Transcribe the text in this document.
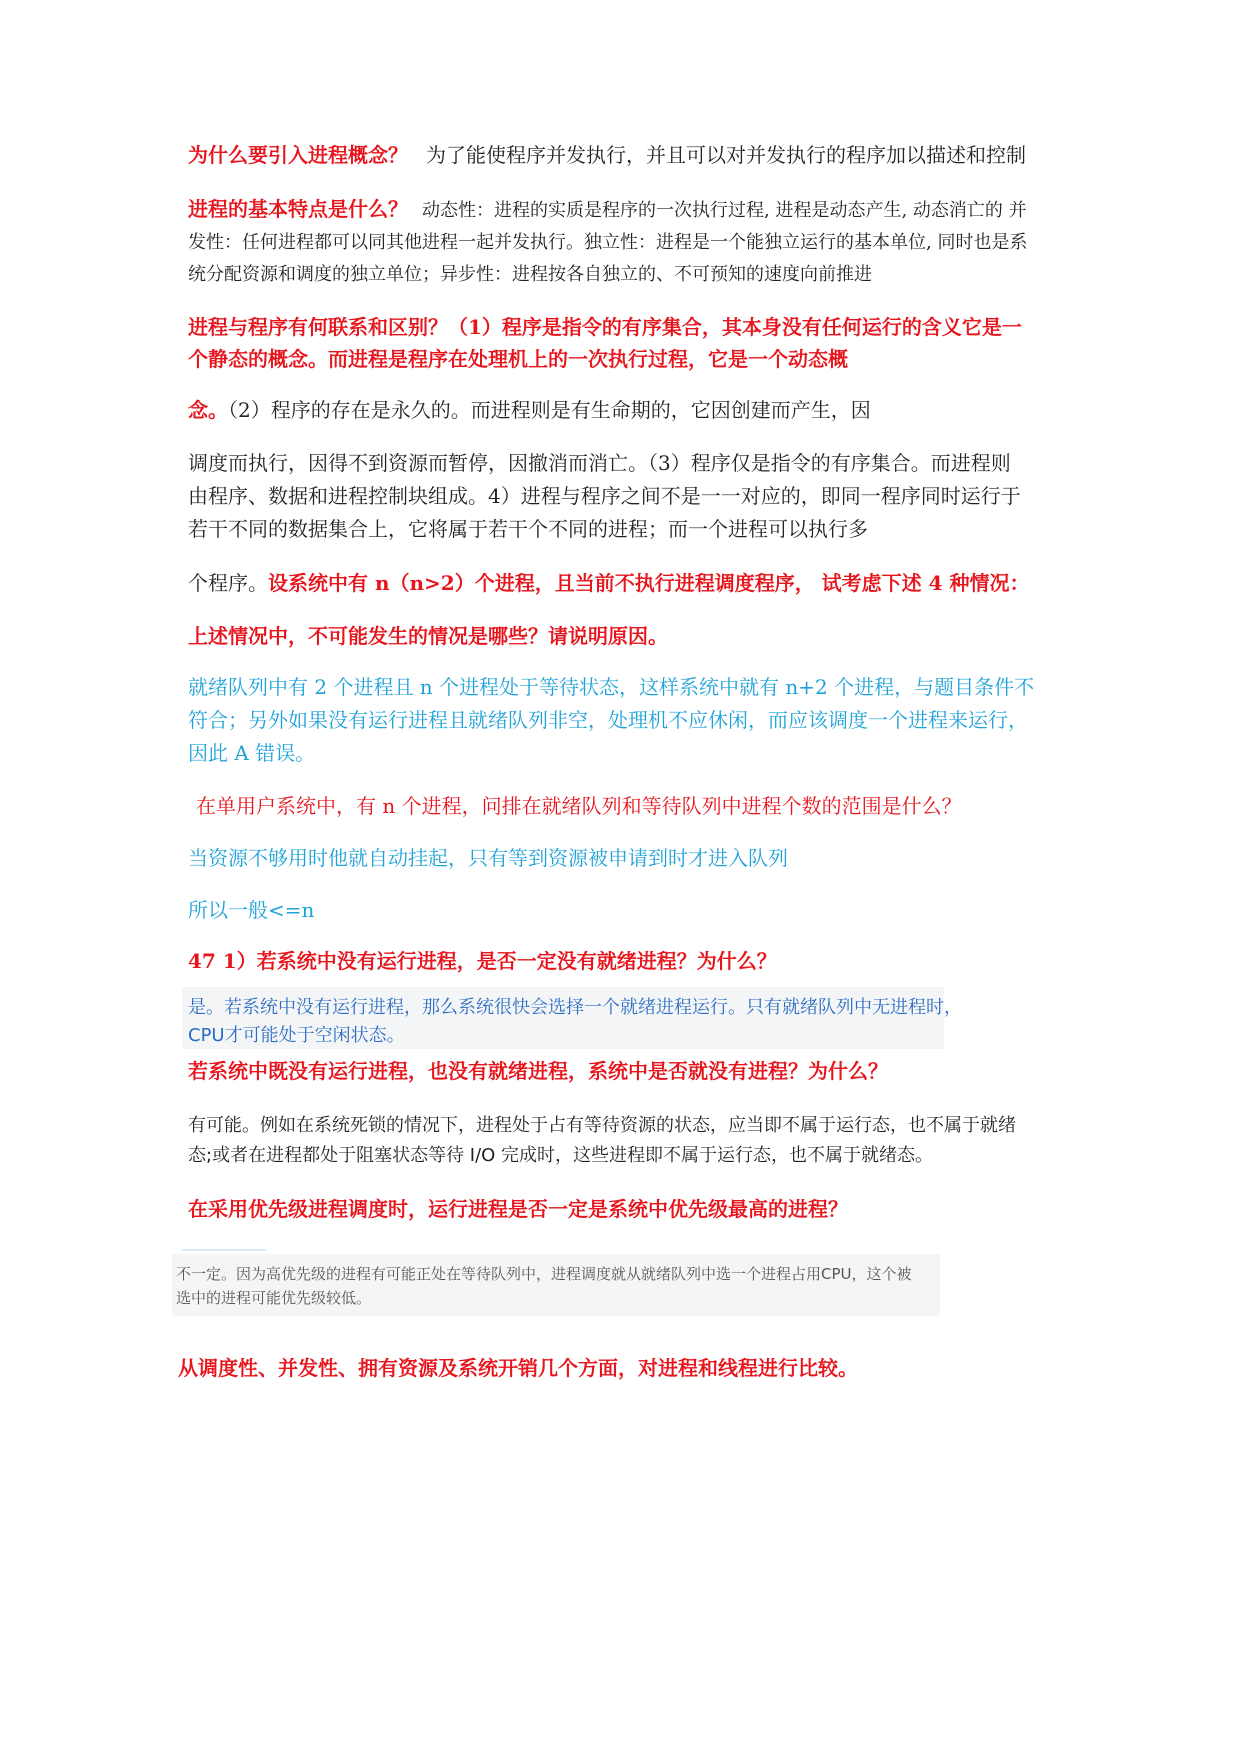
为什么要引入进程概念？ 为了能使程序并发执行，并且可以对并发执行的程序加以描述和控制
进程的基本特点是什么？ 动态性：进程的实质是程序的一次执行过程, 进程是动态产生, 动态消亡的 并
发性：任何进程都可以同其他进程一起并发执行。独立性：进程是一个能独立运行的基本单位, 同时也是系
统分配资源和调度的独立单位；异步性：进程按各自独立的、不可预知的速度向前推进
进程与程序有何联系和区别？（1）程序是指令的有序集合，其本身没有任何运行的含义它是一
个静态的概念。而进程是程序在处理机上的一次执行过程，它是一个动态概
念。（2）程序的存在是永久的。而进程则是有生命期的，它因创建而产生，因
调度而执行，因得不到资源而暂停，因撤消而消亡。（3）程序仅是指令的有序集合。而进程则
由程序、数据和进程控制块组成。4）进程与程序之间不是一一对应的，即同一程序同时运行于
若干不同的数据集合上，它将属于若干个不同的进程；而一个进程可以执行多
个程序。设系统中有 n（n>2）个进程，且当前不执行进程调度程序， 试考虑下述 4 种情况：
上述情况中，不可能发生的情况是哪些？请说明原因。
就绪队列中有 2 个进程且 n 个进程处于等待状态，这样系统中就有 n+2 个进程，与题目条件不
符合；另外如果没有运行进程且就绪队列非空，处理机不应休闲，而应该调度一个进程来运行，
因此 A 错误。
在单用户系统中，有 n 个进程，问排在就绪队列和等待队列中进程个数的范围是什么？
当资源不够用时他就自动挂起，只有等到资源被申请到时才进入队列
所以一般<=n
47 1）若系统中没有运行进程，是否一定没有就绪进程？为什么？
是。若系统中没有运行进程，那么系统很快会选择一个就绪进程运行。只有就绪队列中无进程时，
CPU才可能处于空闲状态。
若系统中既没有运行进程，也没有就绪进程，系统中是否就没有进程？为什么？
有可能。例如在系统死锁的情况下，进程处于占有等待资源的状态，应当即不属于运行态，也不属于就绪
态;或者在进程都处于阻塞状态等待 I/O 完成时，这些进程即不属于运行态，也不属于就绪态。
在采用优先级进程调度时，运行进程是否一定是系统中优先级最高的进程？
不一定。因为高优先级的进程有可能正处在等待队列中，进程调度就从就绪队列中选一个进程占用CPU，这个被
选中的进程可能优先级较低。
从调度性、并发性、拥有资源及系统开销几个方面，对进程和线程进行比较。
